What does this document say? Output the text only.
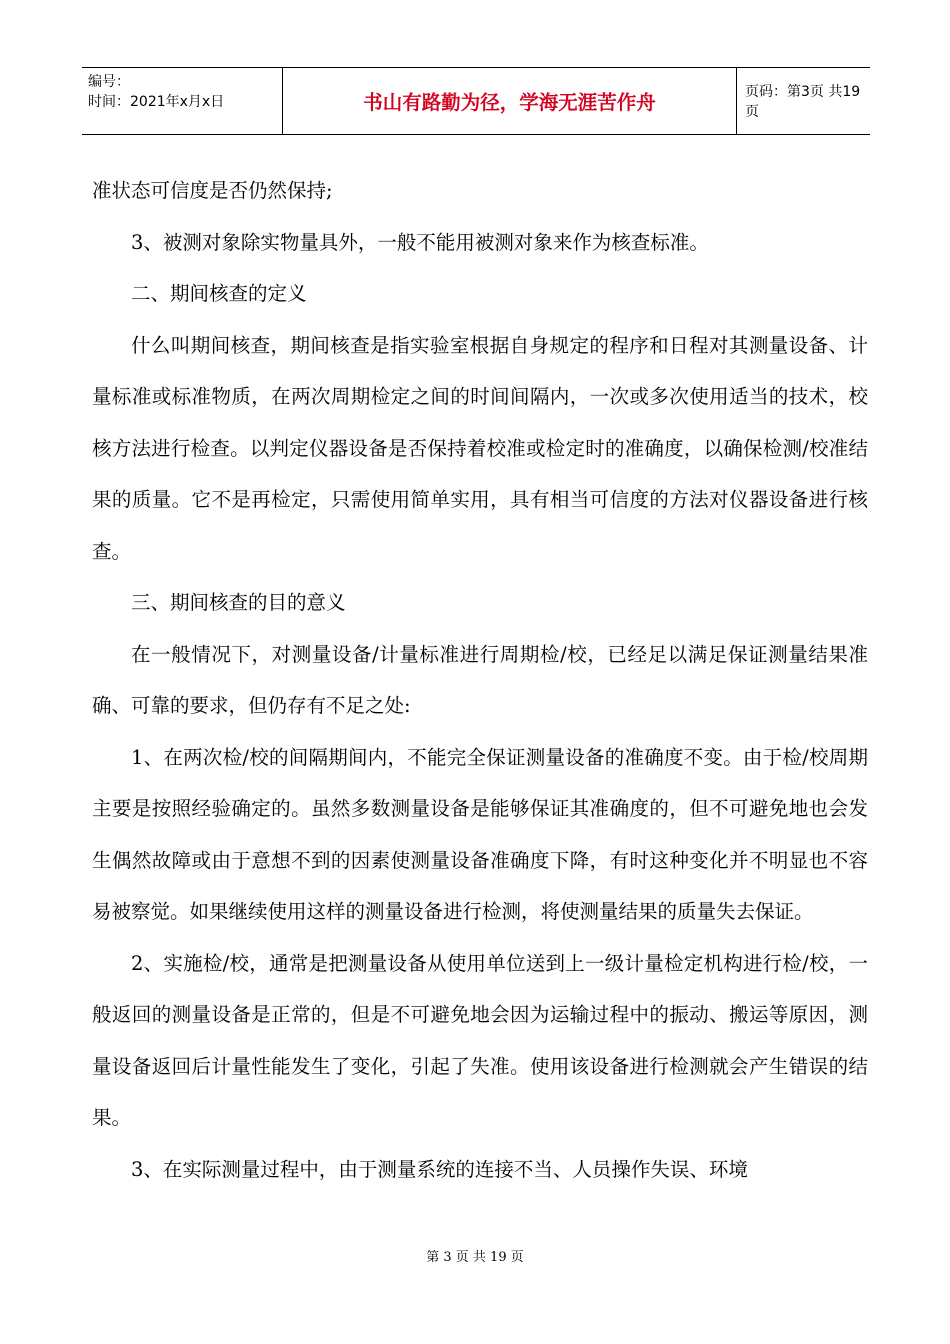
编号：
时间：2021年x月x日	书山有路勤为径，学海无涯苦作舟	页码：第3页 共19页

准状态可信度是否仍然保持;

3、被测对象除实物量具外，一般不能用被测对象来作为核查标准。

二、期间核查的定义

什么叫期间核查，期间核查是指实验室根据自身规定的程序和日程对其测量设备、计量标准或标准物质，在两次周期检定之间的时间间隔内，一次或多次使用适当的技术，校核方法进行检查。以判定仪器设备是否保持着校准或检定时的准确度，以确保检测/校准结果的质量。它不是再检定，只需使用简单实用，具有相当可信度的方法对仪器设备进行核查。

三、期间核查的目的意义

在一般情况下，对测量设备/计量标准进行周期检/校，已经足以满足保证测量结果准确、可靠的要求，但仍存有不足之处:

1、在两次检/校的间隔期间内，不能完全保证测量设备的准确度不变。由于检/校周期主要是按照经验确定的。虽然多数测量设备是能够保证其准确度的，但不可避免地也会发生偶然故障或由于意想不到的因素使测量设备准确度下降，有时这种变化并不明显也不容易被察觉。如果继续使用这样的测量设备进行检测，将使测量结果的质量失去保证。

2、实施检/校，通常是把测量设备从使用单位送到上一级计量检定机构进行检/校，一般返回的测量设备是正常的，但是不可避免地会因为运输过程中的振动、搬运等原因，测量设备返回后计量性能发生了变化，引起了失准。使用该设备进行检测就会产生错误的结果。

3、在实际测量过程中，由于测量系统的连接不当、人员操作失误、环境

第 3 页 共 19 页
